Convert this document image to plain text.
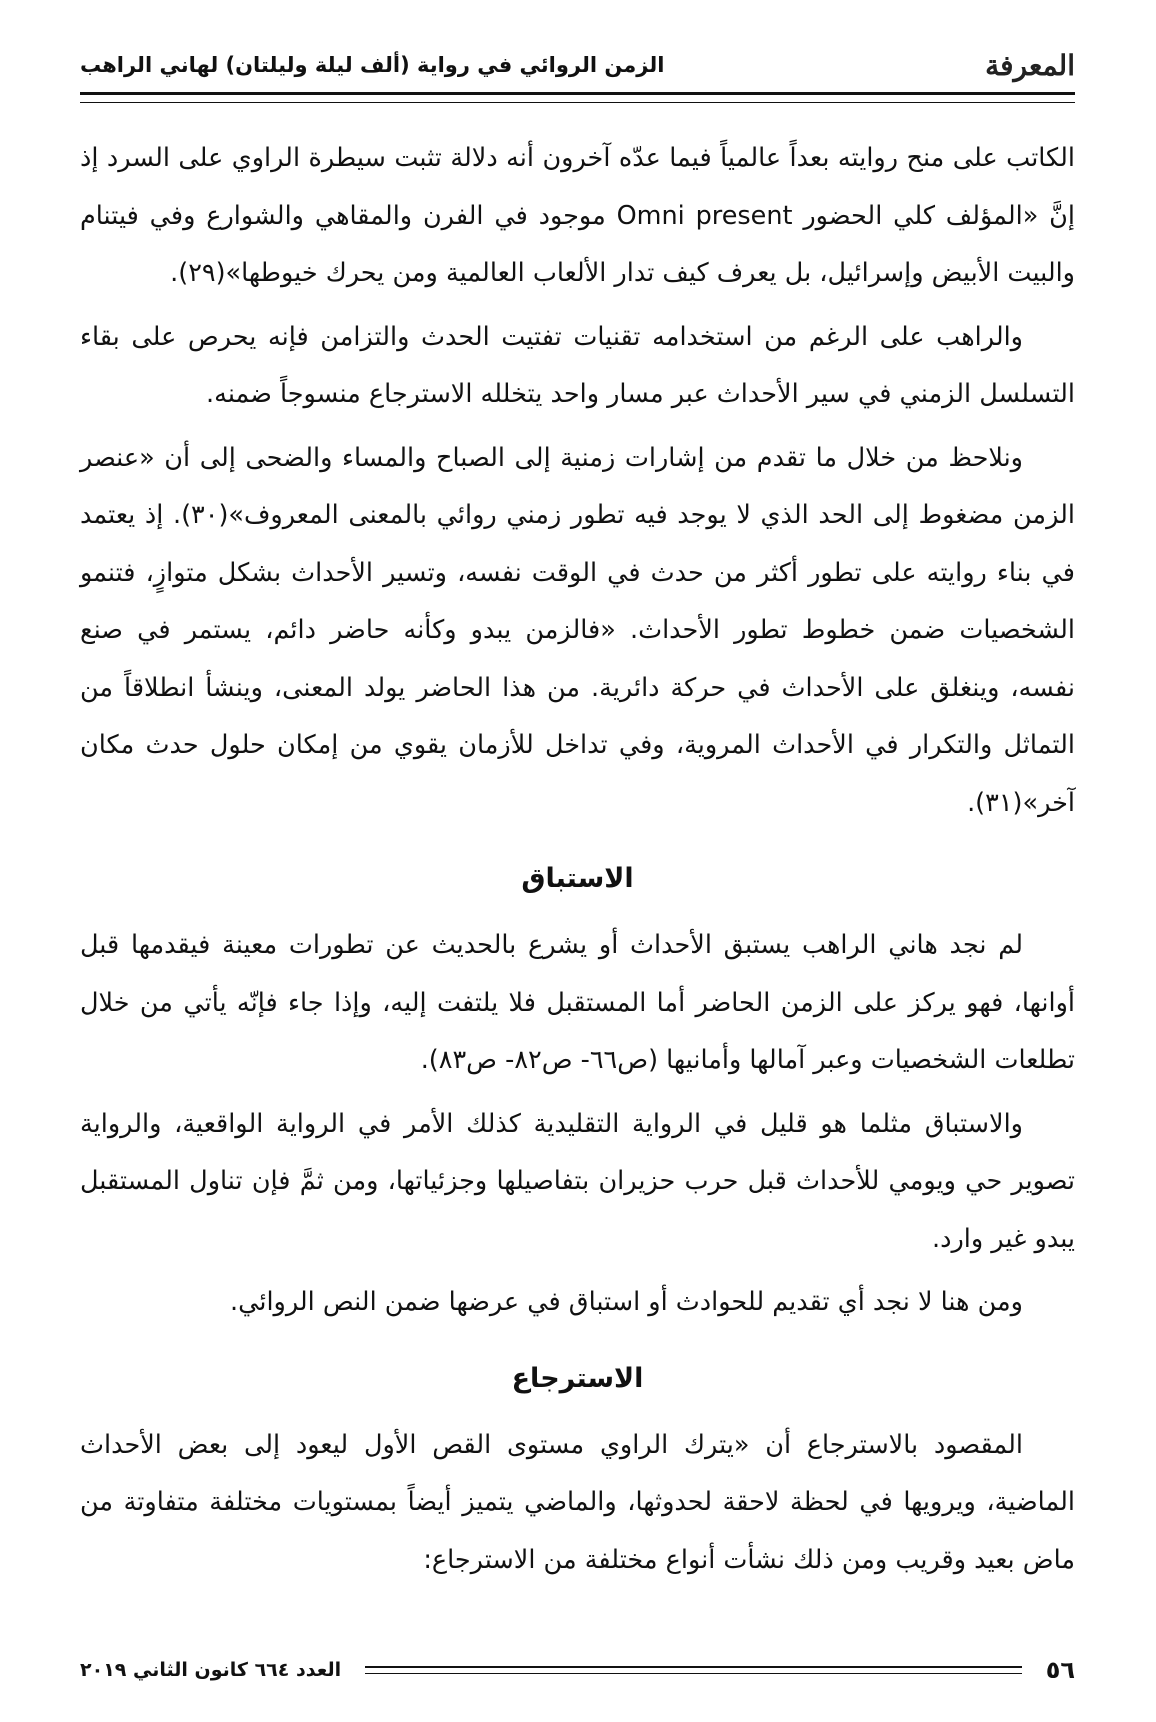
المعرفة
الزمن الروائي في رواية (ألف ليلة وليلتان) لهاني الراهب

الكاتب على منح روايته بعداً عالمياً فيما عدّه آخرون أنه دلالة تثبت سيطرة الراوي على السرد إذ إنَّ «المؤلف كلي الحضور Omni present موجود في الفرن والمقاهي والشوارع وفي فيتنام والبيت الأبيض وإسرائيل، بل يعرف كيف تدار الألعاب العالمية ومن يحرك خيوطها»(٢٩).

والراهب على الرغم من استخدامه تقنيات تفتيت الحدث والتزامن فإنه يحرص على بقاء التسلسل الزمني في سير الأحداث عبر مسار واحد يتخلله الاسترجاع منسوجاً ضمنه.

ونلاحظ من خلال ما تقدم من إشارات زمنية إلى الصباح والمساء والضحى إلى أن «عنصر الزمن مضغوط إلى الحد الذي لا يوجد فيه تطور زمني روائي بالمعنى المعروف»(٣٠). إذ يعتمد في بناء روايته على تطور أكثر من حدث في الوقت نفسه، وتسير الأحداث بشكل متوازٍ، فتنمو الشخصيات ضمن خطوط تطور الأحداث. «فالزمن يبدو وكأنه حاضر دائم، يستمر في صنع نفسه، وينغلق على الأحداث في حركة دائرية. من هذا الحاضر يولد المعنى، وينشأ انطلاقاً من التماثل والتكرار في الأحداث المروية، وفي تداخل للأزمان يقوي من إمكان حلول حدث مكان آخر»(٣١).

الاستباق

لم نجد هاني الراهب يستبق الأحداث أو يشرع بالحديث عن تطورات معينة فيقدمها قبل أوانها، فهو يركز على الزمن الحاضر أما المستقبل فلا يلتفت إليه، وإذا جاء فإنّه يأتي من خلال تطلعات الشخصيات وعبر آمالها وأمانيها (ص٦٦- ص٨٢- ص٨٣).

والاستباق مثلما هو قليل في الرواية التقليدية كذلك الأمر في الرواية الواقعية، والرواية تصوير حي ويومي للأحداث قبل حرب حزيران بتفاصيلها وجزئياتها، ومن ثمَّ فإن تناول المستقبل يبدو غير وارد.

ومن هنا لا نجد أي تقديم للحوادث أو استباق في عرضها ضمن النص الروائي.

الاسترجاع

المقصود بالاسترجاع أن «يترك الراوي مستوى القص الأول ليعود إلى بعض الأحداث الماضية، ويرويها في لحظة لاحقة لحدوثها، والماضي يتميز أيضاً بمستويات مختلفة متفاوتة من ماض بعيد وقريب ومن ذلك نشأت أنواع مختلفة من الاسترجاع:

٥٦
العدد ٦٦٤ كانون الثاني ٢٠١٩
